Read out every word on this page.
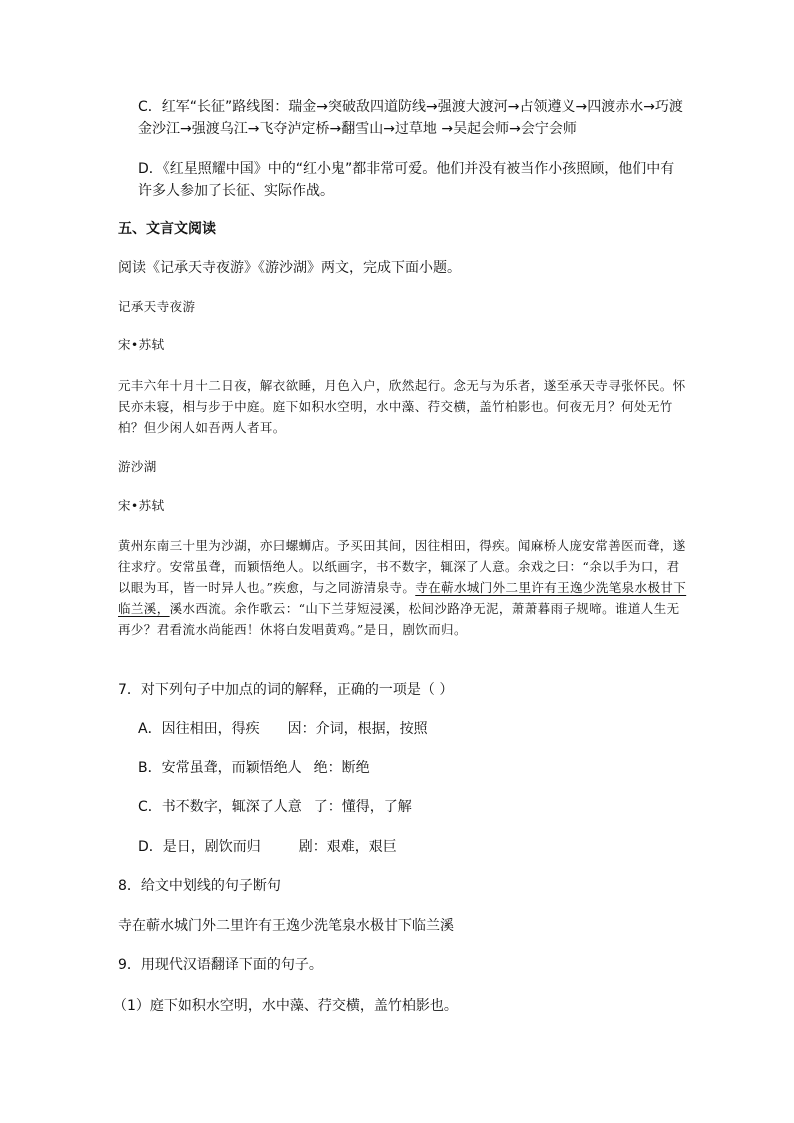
C．红军“长征”路线图：瑞金→突破敌四道防线→强渡大渡河→占领遵义→四渡赤水→巧渡金沙江→强渡乌江→飞夺泸定桥→翻雪山→过草地 →吴起会师→会宁会师

D．《红星照耀中国》中的“红小鬼”都非常可爱。他们并没有被当作小孩照顾，他们中有许多人参加了长征、实际作战。

五、文言文阅读

阅读《记承天寺夜游》《游沙湖》两文，完成下面小题。

记承天寺夜游

宋•苏轼

元丰六年十月十二日夜，解衣欲睡，月色入户，欣然起行。念无与为乐者，遂至承天寺寻张怀民。怀民亦未寝，相与步于中庭。庭下如积水空明，水中藻、荇交横，盖竹柏影也。何夜无月？何处无竹柏？但少闲人如吾两人者耳。

游沙湖

宋•苏轼

黄州东南三十里为沙湖，亦曰螺蛳店。予买田其间，因往相田，得疾。闻麻桥人庞安常善医而聋，遂往求疗。安常虽聋，而颖悟绝人。以纸画字，书不数字，辄深了人意。余戏之曰：“余以手为口，君以眼为耳，皆一时异人也。”疾愈，与之同游清泉寺。寺在蕲水城门外二里许有王逸少洗笔泉水极甘下临兰溪，溪水西流。余作歌云：“山下兰芽短浸溪，松间沙路净无泥，萧萧暮雨子规啼。谁道人生无再少？君看流水尚能西！休将白发唱黄鸡。”是日，剧饮而归。

7．对下列句子中加点的词的解释，正确的一项是（ ）

A．因往相田，得疾 因：介词，根据，按照

B．安常虽聋，而颖悟绝人 绝：断绝

C．书不数字，辄深了人意 了：懂得，了解

D．是日，剧饮而归	剧：艰难，艰巨

8．给文中划线的句子断句

寺在蕲水城门外二里许有王逸少洗笔泉水极甘下临兰溪

9．用现代汉语翻译下面的句子。

（1）庭下如积水空明，水中藻、荇交横，盖竹柏影也。
